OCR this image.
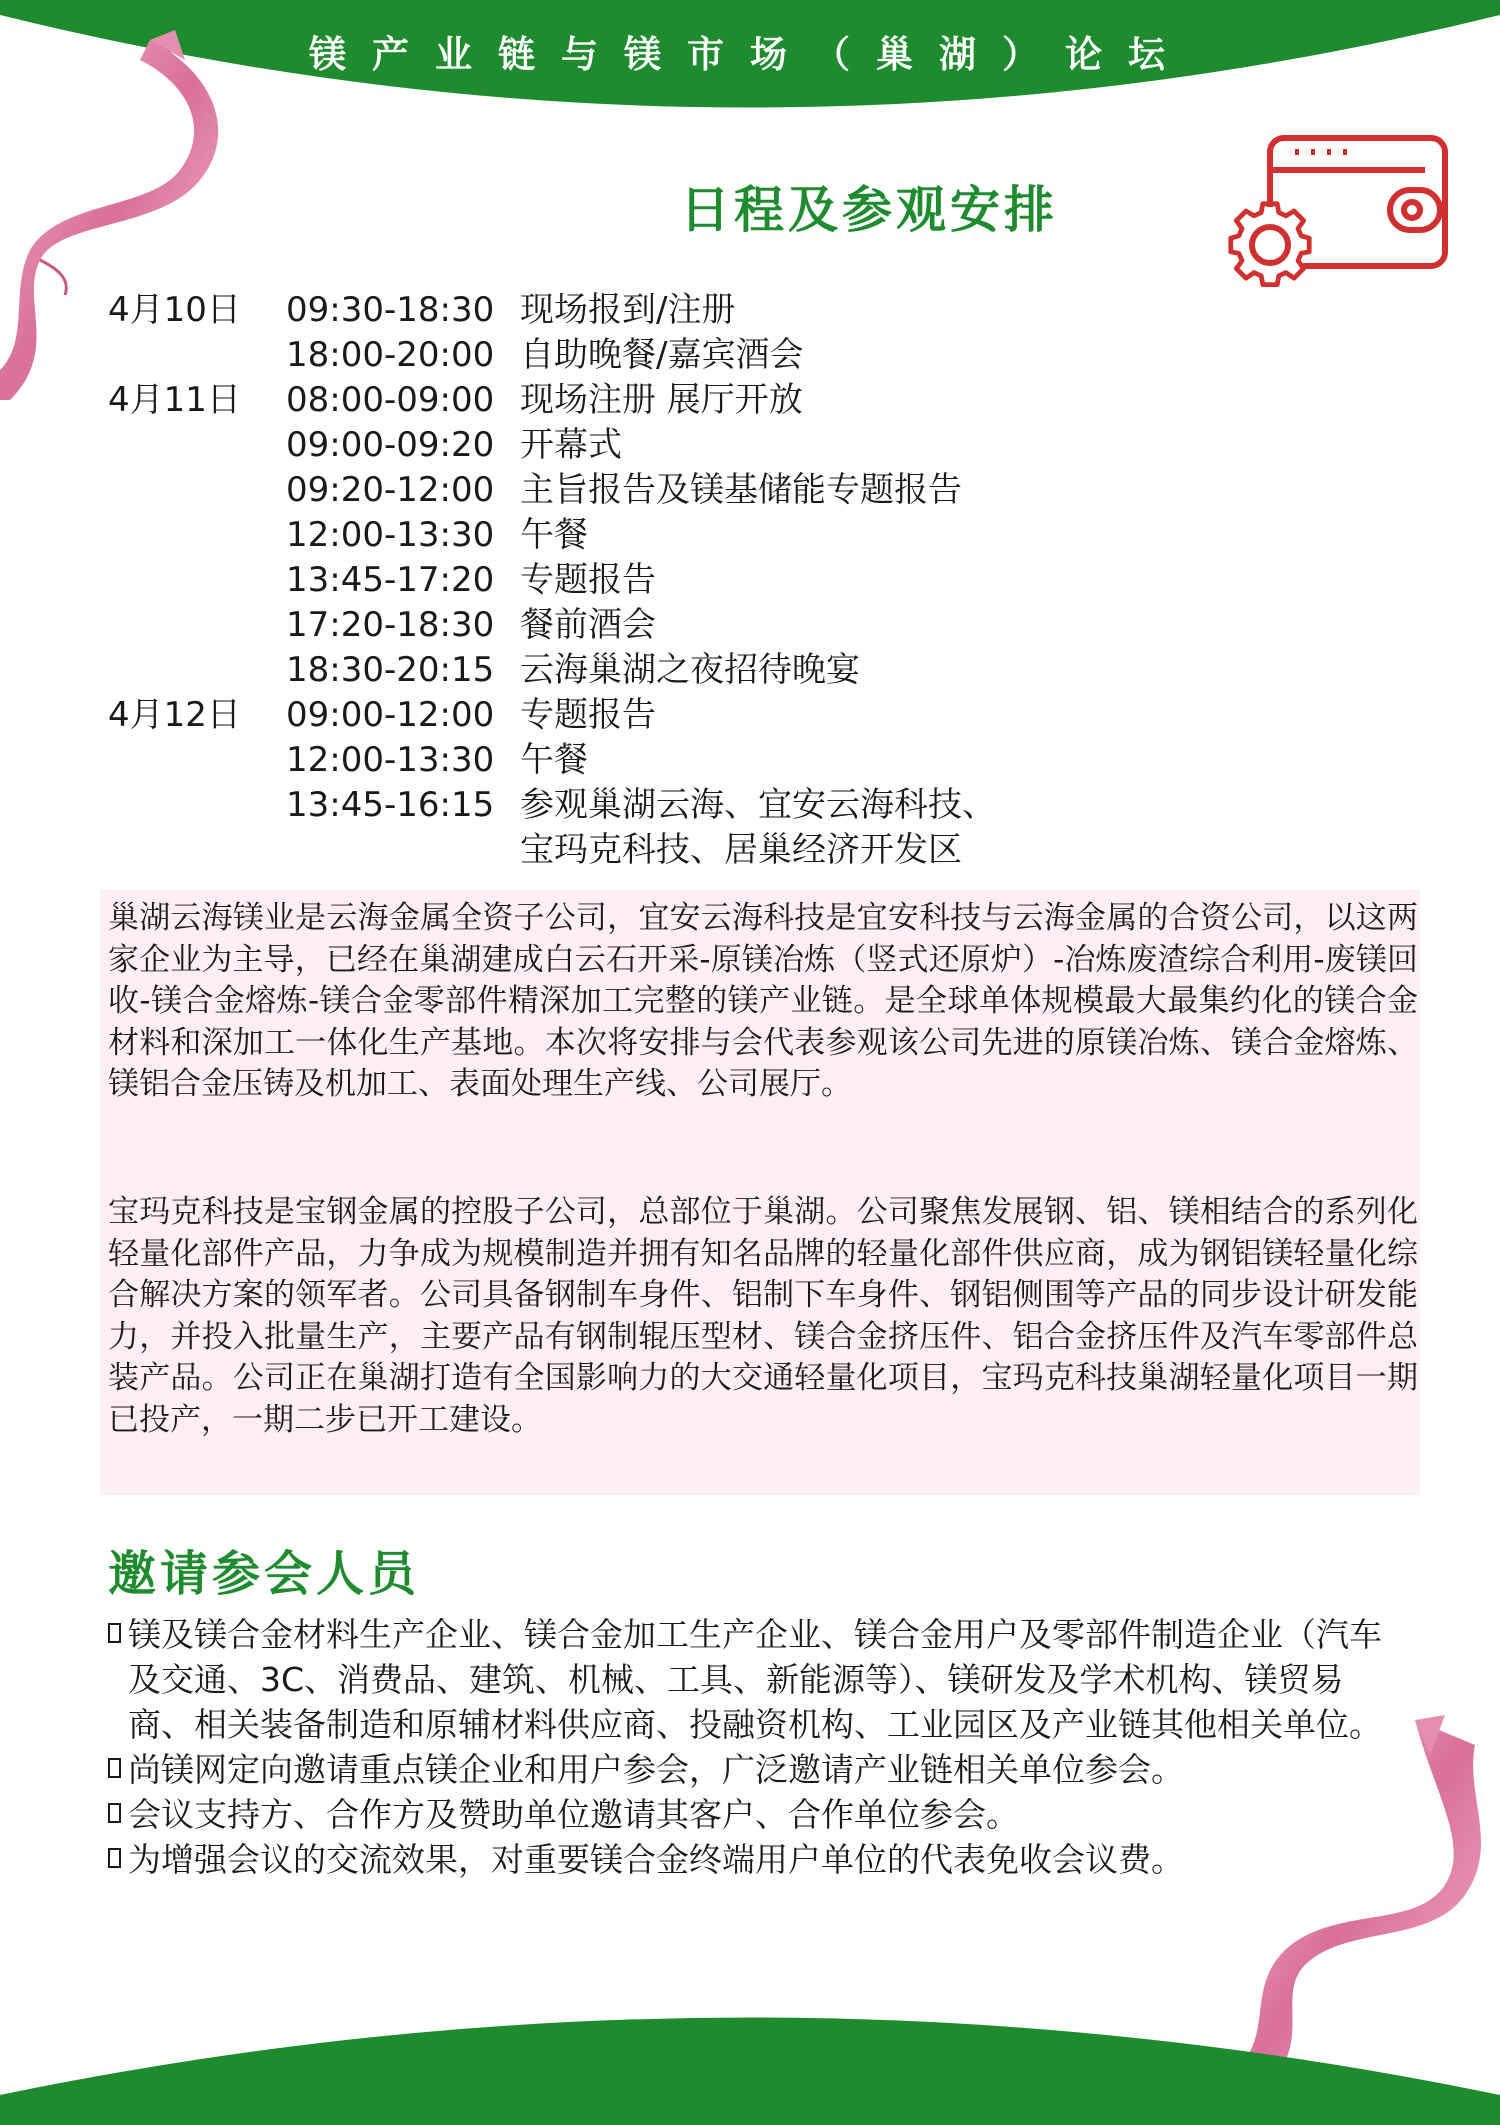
镁产业链与镁市场（巢湖）论坛
日程及参观安排
4月10日 09:30-18:30 现场报到/注册
18:00-20:00 自助晚餐/嘉宾酒会
4月11日 08:00-09:00 现场注册 展厅开放
09:00-09:20 开幕式
09:20-12:00 主旨报告及镁基储能专题报告
12:00-13:30 午餐
13:45-17:20 专题报告
17:20-18:30 餐前酒会
18:30-20:15 云海巢湖之夜招待晚宴
4月12日 09:00-12:00 专题报告
12:00-13:30 午餐
13:45-16:15 参观巢湖云海、宜安云海科技、
宝玛克科技、居巢经济开发区

巢湖云海镁业是云海金属全资子公司，宜安云海科技是宜安科技与云海金属的合资公司，以这两家企业为主导，已经在巢湖建成白云石开采-原镁冶炼（竖式还原炉）-冶炼废渣综合利用-废镁回收-镁合金熔炼-镁合金零部件精深加工完整的镁产业链。是全球单体规模最大最集约化的镁合金材料和深加工一体化生产基地。本次将安排与会代表参观该公司先进的原镁冶炼、镁合金熔炼、镁铝合金压铸及机加工、表面处理生产线、公司展厅。

宝玛克科技是宝钢金属的控股子公司，总部位于巢湖。公司聚焦发展钢、铝、镁相结合的系列化轻量化部件产品，力争成为规模制造并拥有知名品牌的轻量化部件供应商，成为钢铝镁轻量化综合解决方案的领军者。公司具备钢制车身件、铝制下车身件、钢铝侧围等产品的同步设计研发能力，并投入批量生产，主要产品有钢制辊压型材、镁合金挤压件、铝合金挤压件及汽车零部件总装产品。公司正在巢湖打造有全国影响力的大交通轻量化项目，宝玛克科技巢湖轻量化项目一期已投产，一期二步已开工建设。

邀请参会人员

镁及镁合金材料生产企业、镁合金加工生产企业、镁合金用户及零部件制造企业（汽车及交通、3C、消费品、建筑、机械、工具、新能源等）、镁研发及学术机构、镁贸易商、相关装备制造和原辅材料供应商、投融资机构、工业园区及产业链其他相关单位。

尚镁网定向邀请重点镁企业和用户参会，广泛邀请产业链相关单位参会。

会议支持方、合作方及赞助单位邀请其客户、合作单位参会。

为增强会议的交流效果，对重要镁合金终端用户单位的代表免收会议费。
